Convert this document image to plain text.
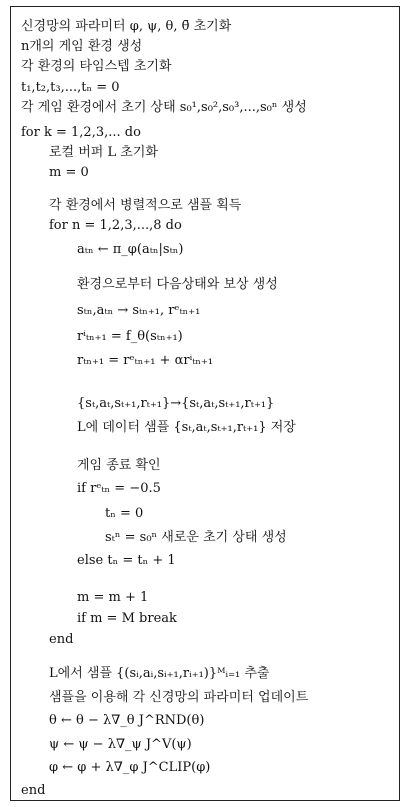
신경망의 파라미터 φ, ψ, θ, θ̄ 초기화
n개의 게임 환경 생성
각 환경의 타임스텝 초기화
t₁,t₂,t₃,...,tₙ = 0
각 게임 환경에서 초기 상태 s₀¹,s₀²,s₀³,...,s₀ⁿ 생성
for k = 1,2,3,... do
로컬 버퍼 L 초기화
m = 0
각 환경에서 병렬적으로 샘플 획득
for n = 1,2,3,...,8 do
aₜₙ ← π_φ(aₜₙ|sₜₙ)
환경으로부터 다음상태와 보상 생성
sₜₙ,aₜₙ → sₜₙ₊₁, rᵉₜₙ₊₁
rⁱₜₙ₊₁ = f_θ(sₜₙ₊₁)
rₜₙ₊₁ = rᵉₜₙ₊₁ + αrⁱₜₙ₊₁
{sₜ,aₜ,sₜ₊₁,rₜ₊₁}→{sₜ,aₜ,sₜ₊₁,rₜ₊₁}
L에 데이터 샘플 {sₜ,aₜ,sₜ₊₁,rₜ₊₁} 저장
게임 종료 확인
if rᵉₜₙ = −0.5
tₙ = 0
sₜⁿ = s₀ⁿ 새로운 초기 상태 생성
else tₙ = tₙ + 1
m = m + 1
if m = M break
end
L에서 샘플 {(sᵢ,aᵢ,sᵢ₊₁,rᵢ₊₁)}ᴹᵢ₌₁ 추출
샘플을 이용해 각 신경망의 파라미터 업데이트
θ ← θ − λ∇_θ J^RND(θ)
ψ ← ψ − λ∇_ψ J^V(ψ)
φ ← φ + λ∇_φ J^CLIP(φ)
end
